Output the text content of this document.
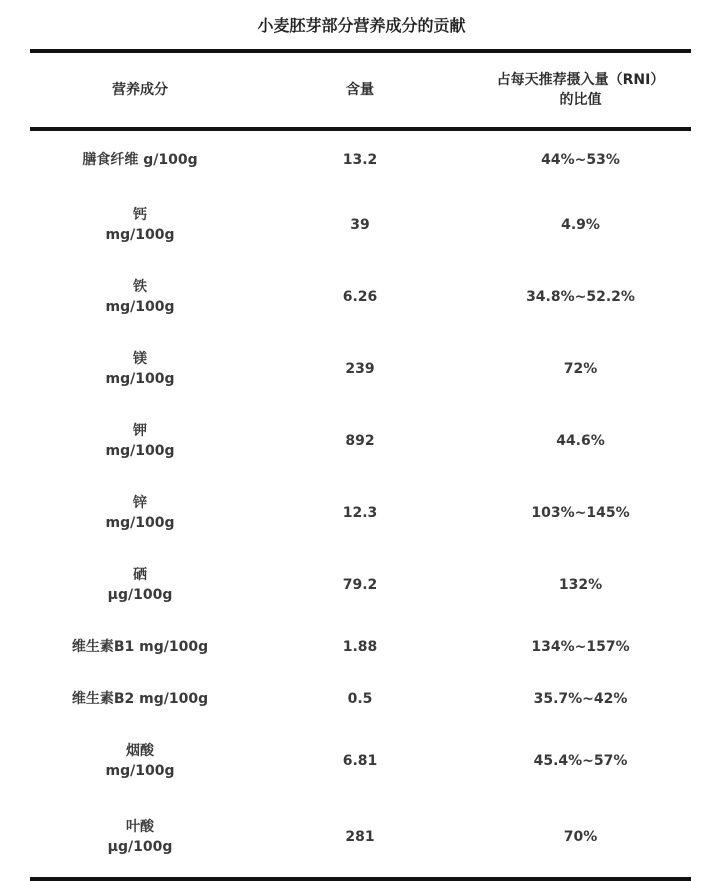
小麦胚芽部分营养成分的贡献
营养成分	含量
占每天推荐摄入量（RNI）
的比值
膳食纤维 g/100g	13.2	44%~53%
钙
mg/100g
39	4.9%
铁
mg/100g
6.26	34.8%~52.2%
镁
mg/100g
239	72%
钾
mg/100g
892	44.6%
锌
mg/100g
12.3	103%~145%
硒
μg/100g
79.2	132%
维生素B1 mg/100g	1.88	134%~157%
维生素B2 mg/100g	0.5	35.7%~42%
烟酸
mg/100g
6.81	45.4%~57%
叶酸
μg/100g
281	70%
